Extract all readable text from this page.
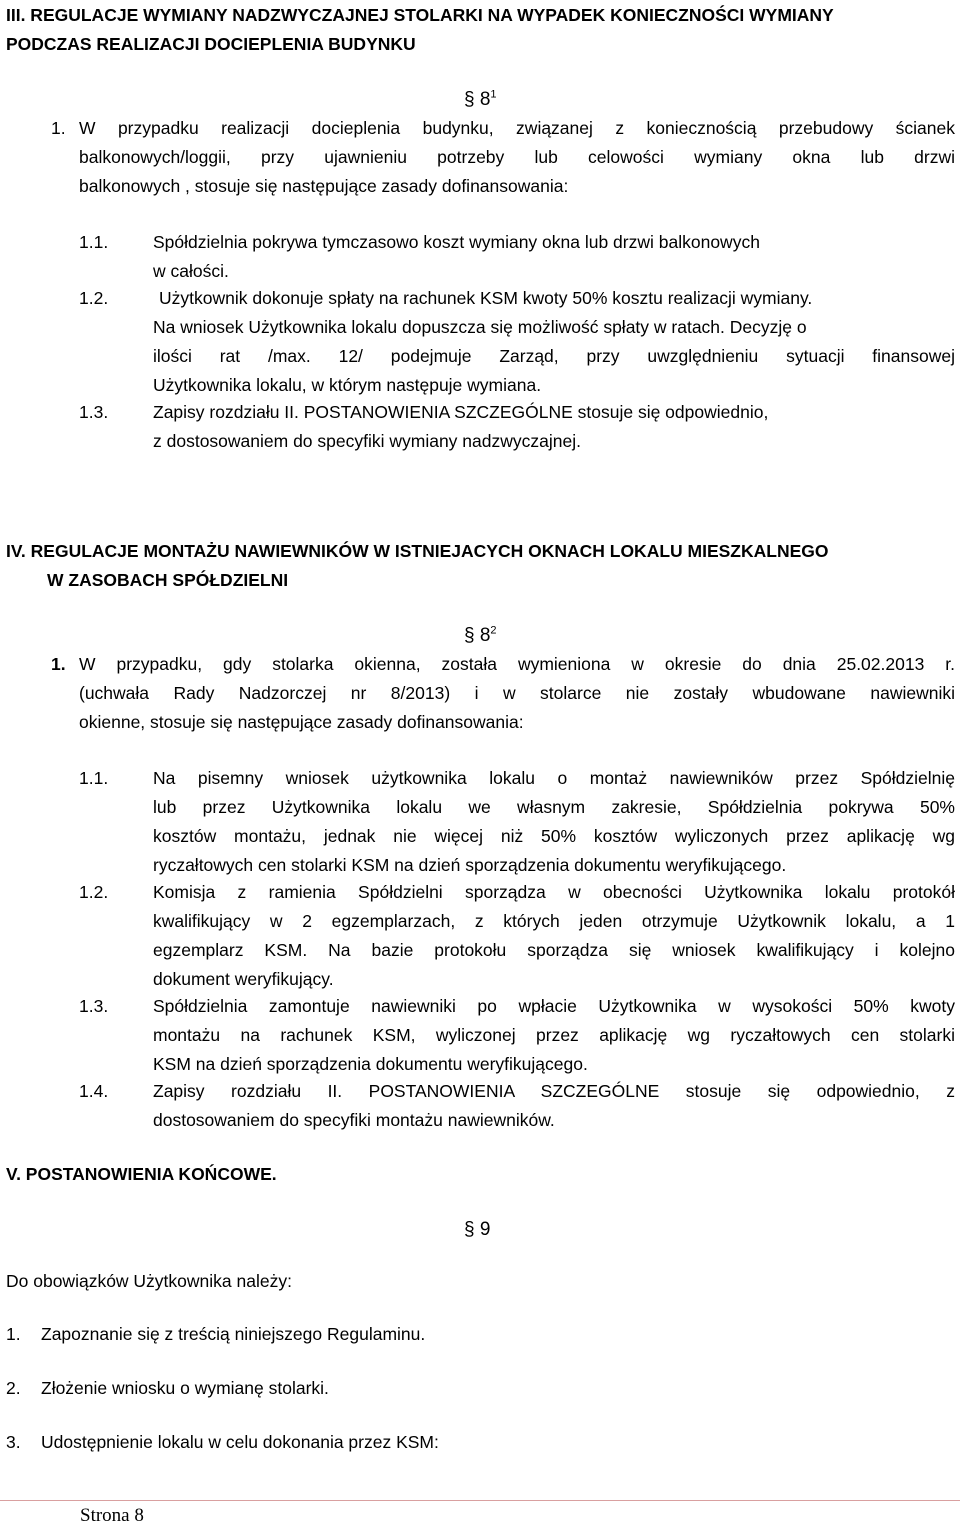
III. REGULACJE WYMIANY NADZWYCZAJNEJ STOLARKI NA WYPADEK KONIECZNOŚCI WYMIANY
PODCZAS REALIZACJI DOCIEPLENIA BUDYNKU
§ $8^1$
1. W przypadku realizacji docieplenia budynku, związanej z koniecznością przebudowy ścianek
balkonowych/loggii, przy ujawnieniu potrzeby lub celowości wymiany okna lub drzwi
balkonowych , stosuje się następujące zasady dofinansowania:
1.1.	Spółdzielnia pokrywa tymczasowo koszt wymiany okna lub drzwi balkonowych
w całości.
1.2.	Użytkownik dokonuje spłaty na rachunek KSM kwoty 50% kosztu realizacji wymiany.
Na wniosek Użytkownika lokalu dopuszcza się możliwość spłaty w ratach. Decyzję o
ilości rat /max. 12/ podejmuje Zarząd, przy uwzględnieniu sytuacji finansowej
Użytkownika lokalu, w którym następuje wymiana.
1.3.	Zapisy rozdziału II. POSTANOWIENIA SZCZEGÓLNE stosuje się odpowiednio,
z dostosowaniem do specyfiki wymiany nadzwyczajnej.
IV. REGULACJE MONTAŻU NAWIEWNIKÓW W ISTNIEJACYCH OKNACH LOKALU MIESZKALNEGO
W ZASOBACH SPÓŁDZIELNI
§ $8^2$
1. W przypadku, gdy stolarka okienna, została wymieniona w okresie do dnia 25.02.2013 r.
(uchwała Rady Nadzorczej nr 8/2013) i w stolarce nie zostały wbudowane nawiewniki
okienne, stosuje się następujące zasady dofinansowania:
1.1.	Na pisemny wniosek użytkownika lokalu o montaż nawiewników przez Spółdzielnię
lub przez Użytkownika lokalu we własnym zakresie, Spółdzielnia pokrywa 50%
kosztów montażu, jednak nie więcej niż 50% kosztów wyliczonych przez aplikację wg
ryczałtowych cen stolarki KSM na dzień sporządzenia dokumentu weryfikującego.
1.2.	Komisja z ramienia Spółdzielni sporządza w obecności Użytkownika lokalu protokół
kwalifikujący w 2 egzemplarzach, z których jeden otrzymuje Użytkownik lokalu, a 1
egzemplarz KSM. Na bazie protokołu sporządza się wniosek kwalifikujący i kolejno
dokument weryfikujący.
1.3.	Spółdzielnia zamontuje nawiewniki po wpłacie Użytkownika w wysokości 50% kwoty
montażu na rachunek KSM, wyliczonej przez aplikację wg ryczałtowych cen stolarki
KSM na dzień sporządzenia dokumentu weryfikującego.
1.4.	Zapisy rozdziału II. POSTANOWIENIA SZCZEGÓLNE stosuje się odpowiednio, z
dostosowaniem do specyfiki montażu nawiewników.
V. POSTANOWIENIA KOŃCOWE.
§ 9
Do obowiązków Użytkownika należy:
1. Zapoznanie się z treścią niniejszego Regulaminu.
2. Złożenie wniosku o wymianę stolarki.
3. Udostępnienie lokalu w celu dokonania przez KSM:
Strona 8
